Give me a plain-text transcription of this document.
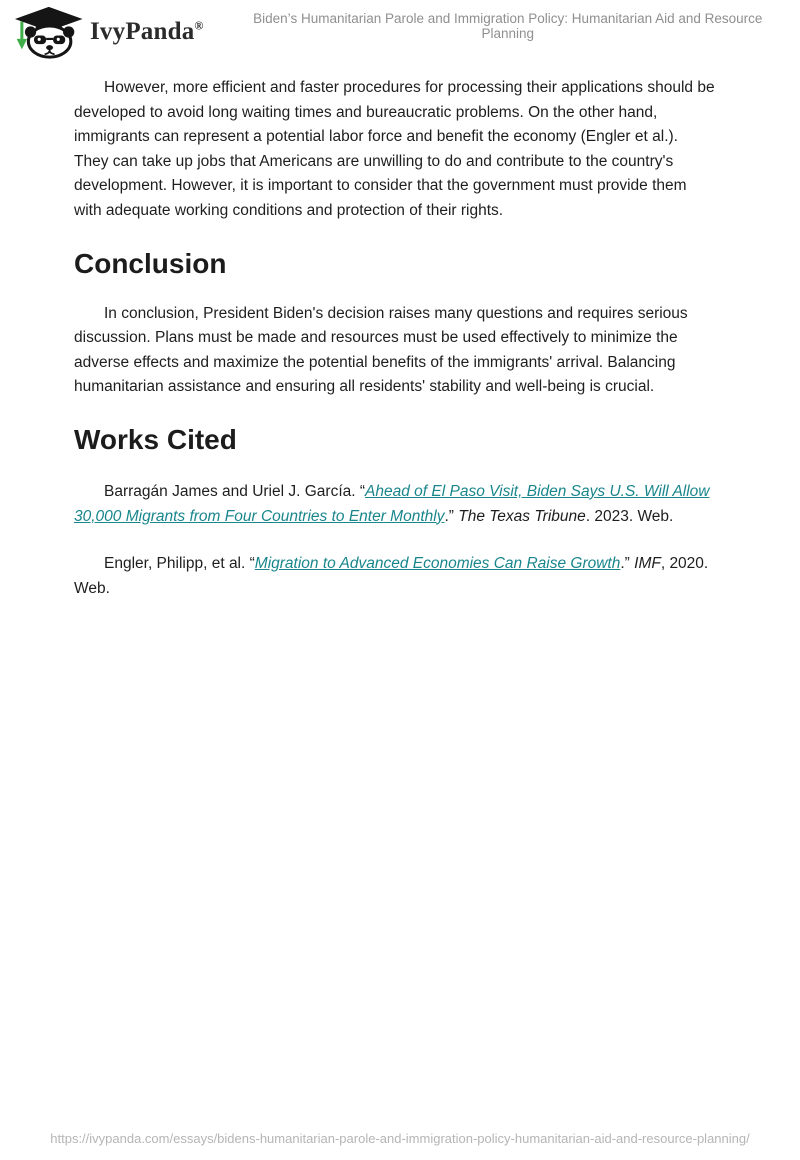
IvyPanda®	Biden’s Humanitarian Parole and Immigration Policy: Humanitarian Aid and Resource Planning

However, more efficient and faster procedures for processing their applications should be developed to avoid long waiting times and bureaucratic problems. On the other hand, immigrants can represent a potential labor force and benefit the economy (Engler et al.). They can take up jobs that Americans are unwilling to do and contribute to the country's development. However, it is important to consider that the government must provide them with adequate working conditions and protection of their rights.

Conclusion

In conclusion, President Biden's decision raises many questions and requires serious discussion. Plans must be made and resources must be used effectively to minimize the adverse effects and maximize the potential benefits of the immigrants' arrival. Balancing humanitarian assistance and ensuring all residents' stability and well-being is crucial.

Works Cited

Barragán James and Uriel J. García. “Ahead of El Paso Visit, Biden Says U.S. Will Allow 30,000 Migrants from Four Countries to Enter Monthly.” The Texas Tribune. 2023. Web.

Engler, Philipp, et al. “Migration to Advanced Economies Can Raise Growth.” IMF, 2020. Web.

https://ivypanda.com/essays/bidens-humanitarian-parole-and-immigration-policy-humanitarian-aid-and-resource-planning/
